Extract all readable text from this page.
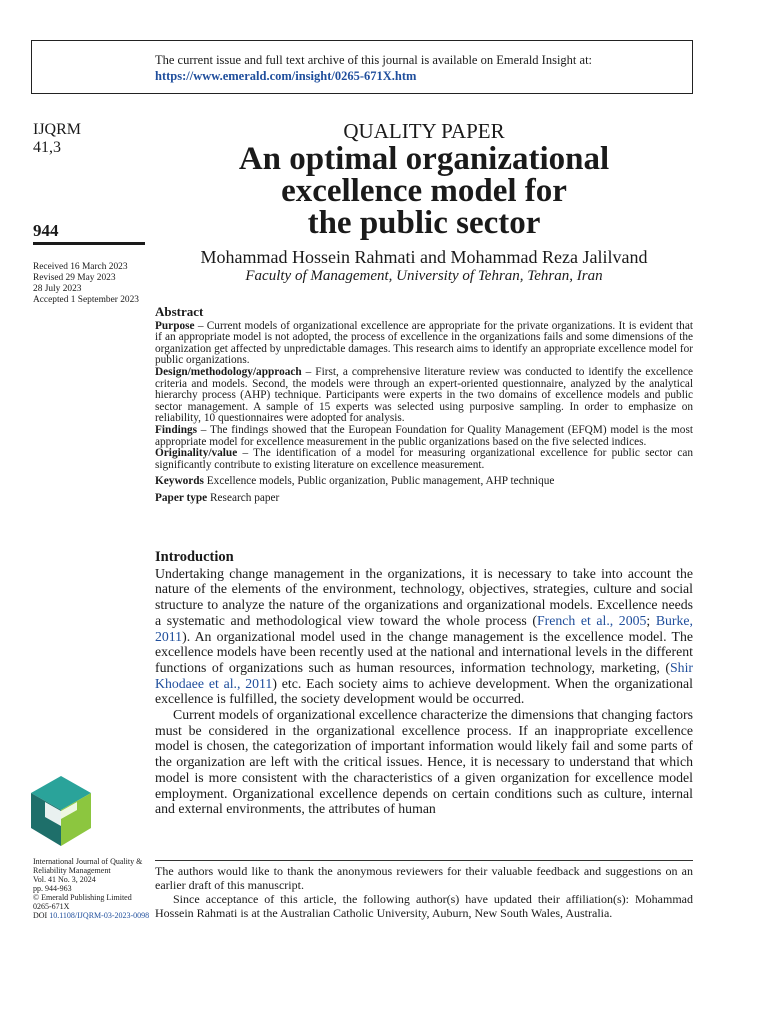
The current issue and full text archive of this journal is available on Emerald Insight at:
https://www.emerald.com/insight/0265-671X.htm
IJQRM
41,3
944
Received 16 March 2023
Revised 29 May 2023
28 July 2023
Accepted 1 September 2023
QUALITY PAPER
An optimal organizational
excellence model for
the public sector
Mohammad Hossein Rahmati and Mohammad Reza Jalilvand
Faculty of Management, University of Tehran, Tehran, Iran
Abstract

Purpose – Current models of organizational excellence are appropriate for the private organizations. It is evident that if an appropriate model is not adopted, the process of excellence in the organizations fails and some dimensions of the organization get affected by unpredictable damages. This research aims to identify an appropriate excellence model for public organizations.

Design/methodology/approach – First, a comprehensive literature review was conducted to identify the excellence criteria and models. Second, the models were through an expert-oriented questionnaire, analyzed by the analytical hierarchy process (AHP) technique. Participants were experts in the two domains of excellence models and public sector management. A sample of 15 experts was selected using purposive sampling. In order to emphasize on reliability, 10 questionnaires were adopted for analysis.

Findings – The findings showed that the European Foundation for Quality Management (EFQM) model is the most appropriate model for excellence measurement in the public organizations based on the five selected indices.

Originality/value – The identification of a model for measuring organizational excellence for public sector can significantly contribute to existing literature on excellence measurement.

Keywords Excellence models, Public organization, Public management, AHP technique

Paper type Research paper

Introduction

Undertaking change management in the organizations, it is necessary to take into account the nature of the elements of the environment, technology, objectives, strategies, culture and social structure to analyze the nature of the organizations and organizational models. Excellence needs a systematic and methodological view toward the whole process (French et al., 2005; Burke, 2011). An organizational model used in the change management is the excellence model. The excellence models have been recently used at the national and international levels in the different functions of organizations such as human resources, information technology, marketing, (Shir Khodaee et al., 2011) etc. Each society aims to achieve development. When the organizational excellence is fulfilled, the society development would be occurred.

Current models of organizational excellence characterize the dimensions that changing factors must be considered in the organizational excellence process. If an inappropriate excellence model is chosen, the categorization of important information would likely fail and some parts of the organization are left with the critical issues. Hence, it is necessary to understand that which model is more consistent with the characteristics of a given organization for excellence model employment. Organizational excellence depends on certain conditions such as culture, internal and external environments, the attributes of human

International Journal of Quality & Reliability Management
Vol. 41 No. 3, 2024
pp. 944-963
© Emerald Publishing Limited
0265-671X
DOI 10.1108/IJQRM-03-2023-0098

The authors would like to thank the anonymous reviewers for their valuable feedback and suggestions on an earlier draft of this manuscript.

Since acceptance of this article, the following author(s) have updated their affiliation(s): Mohammad Hossein Rahmati is at the Australian Catholic University, Auburn, New South Wales, Australia.
